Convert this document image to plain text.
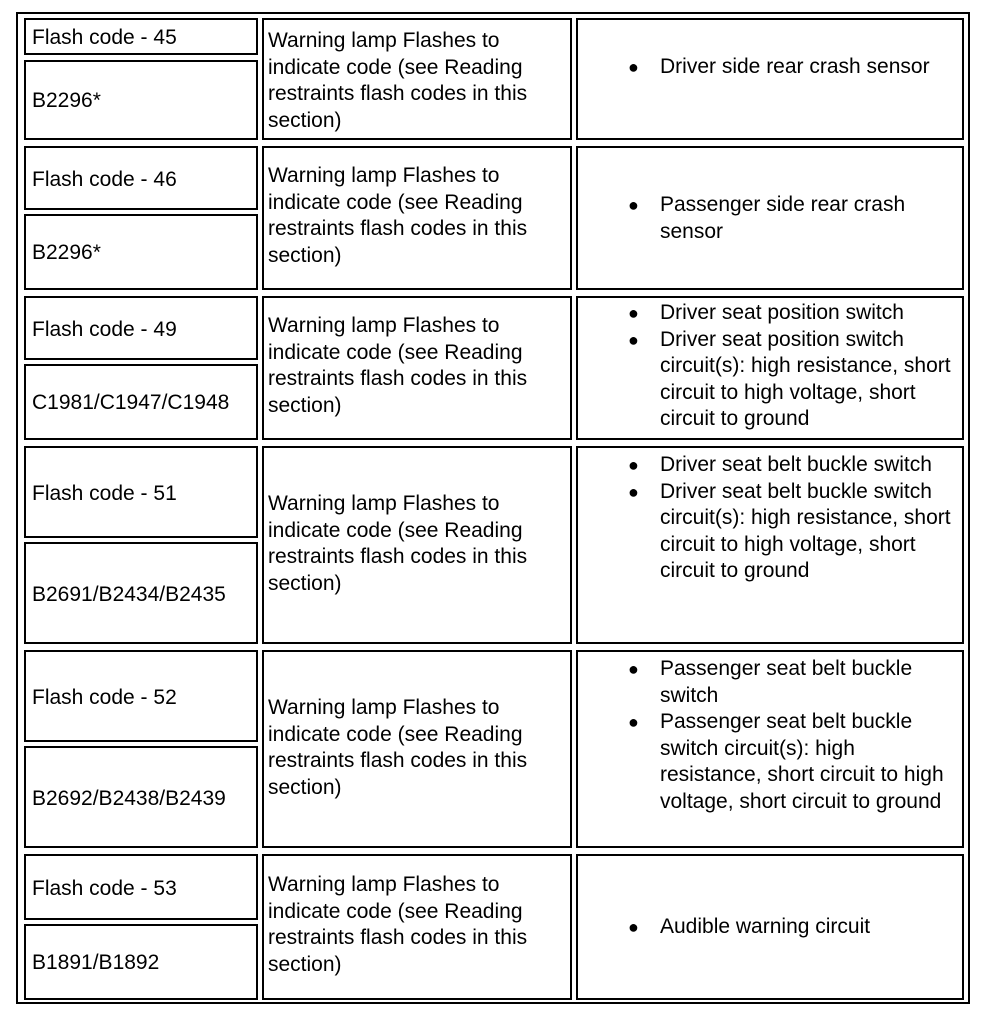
Flash code - 45
B2296*
Warning lamp Flashes to indicate code (see Reading restraints flash codes in this section)
● Driver side rear crash sensor
Flash code - 46
B2296*
Warning lamp Flashes to indicate code (see Reading restraints flash codes in this section)
● Passenger side rear crash sensor
Flash code - 49
C1981/C1947/C1948
Warning lamp Flashes to indicate code (see Reading restraints flash codes in this section)
● Driver seat position switch
● Driver seat position switch circuit(s): high resistance, short circuit to high voltage, short circuit to ground
Flash code - 51
B2691/B2434/B2435
Warning lamp Flashes to indicate code (see Reading restraints flash codes in this section)
● Driver seat belt buckle switch
● Driver seat belt buckle switch circuit(s): high resistance, short circuit to high voltage, short circuit to ground
Flash code - 52
B2692/B2438/B2439
Warning lamp Flashes to indicate code (see Reading restraints flash codes in this section)
● Passenger seat belt buckle switch
● Passenger seat belt buckle switch circuit(s): high resistance, short circuit to high voltage, short circuit to ground
Flash code - 53
B1891/B1892
Warning lamp Flashes to indicate code (see Reading restraints flash codes in this section)
● Audible warning circuit
